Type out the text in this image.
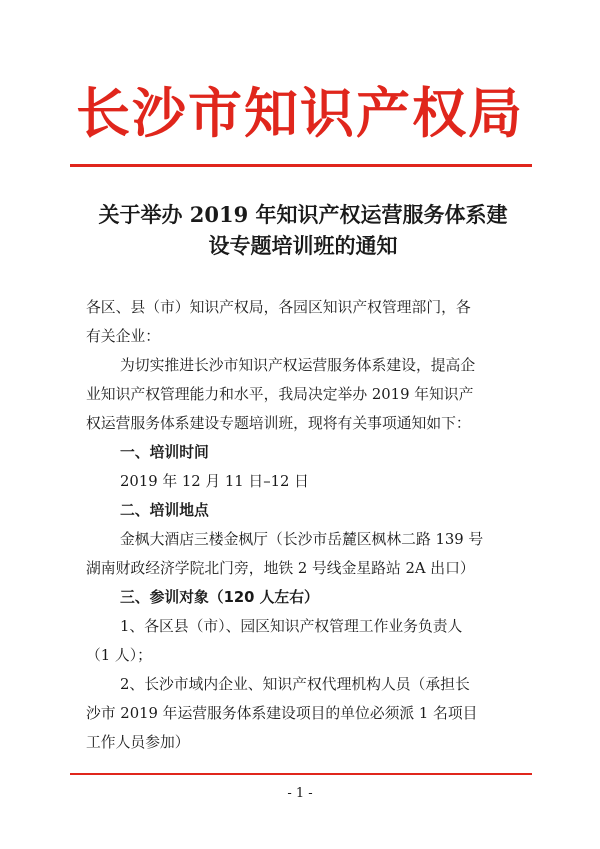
长沙市知识产权局
关于举办 2019 年知识产权运营服务体系建
设专题培训班的通知
各区、县（市）知识产权局，各园区知识产权管理部门，各
有关企业：
为切实推进长沙市知识产权运营服务体系建设，提高企
业知识产权管理能力和水平，我局决定举办 2019 年知识产
权运营服务体系建设专题培训班，现将有关事项通知如下：
一、培训时间
2019 年 12 月 11 日–12 日
二、培训地点
金枫大酒店三楼金枫厅（长沙市岳麓区枫林二路 139 号
湖南财政经济学院北门旁，地铁 2 号线金星路站 2A 出口）
三、参训对象（120 人左右）
1、各区县（市）、园区知识产权管理工作业务负责人
（1 人）；
2、长沙市域内企业、知识产权代理机构人员（承担长
沙市 2019 年运营服务体系建设项目的单位必须派 1 名项目
工作人员参加）
- 1 -
